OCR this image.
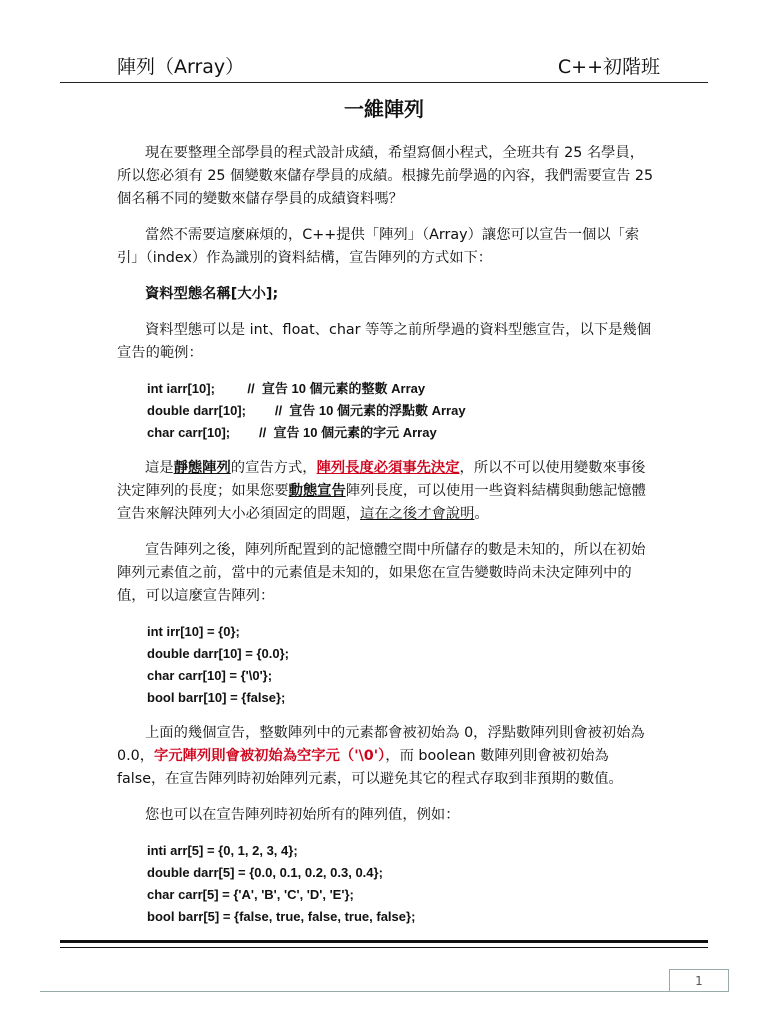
陣列（Array）	C++初階班
一維陣列

現在要整理全部學員的程式設計成績，希望寫個小程式，全班共有 25 名學員，所以您必須有 25 個變數來儲存學員的成績。根據先前學過的內容，我們需要宣告 25 個名稱不同的變數來儲存學員的成績資料嗎？

當然不需要這麼麻煩的，C++提供「陣列」（Array）讓您可以宣告一個以「索引」（index）作為識別的資料結構，宣告陣列的方式如下：

資料型態名稱[大小];

資料型態可以是 int、float、char 等等之前所學過的資料型態宣告，以下是幾個宣告的範例：

int iarr[10];         //  宣告 10 個元素的整數 Array
double darr[10];        //  宣告 10 個元素的浮點數 Array
char carr[10];        //  宣告 10 個元素的字元 Array

這是靜態陣列的宣告方式，陣列長度必須事先決定，所以不可以使用變數來事後決定陣列的長度；如果您要動態宣告陣列長度，可以使用一些資料結構與動態記憶體宣告來解決陣列大小必須固定的問題，這在之後才會說明。

宣告陣列之後，陣列所配置到的記憶體空間中所儲存的數是未知的，所以在初始陣列元素值之前，當中的元素值是未知的，如果您在宣告變數時尚未決定陣列中的值，可以這麼宣告陣列：

int irr[10] = {0};
double darr[10] = {0.0};
char carr[10] = {'\0'};
bool barr[10] = {false};

上面的幾個宣告，整數陣列中的元素都會被初始為 0，浮點數陣列則會被初始為 0.0，字元陣列則會被初始為空字元（'\0'），而 boolean 數陣列則會被初始為 false，在宣告陣列時初始陣列元素，可以避免其它的程式存取到非預期的數值。

您也可以在宣告陣列時初始所有的陣列值，例如：

inti arr[5] = {0, 1, 2, 3, 4};
double darr[5] = {0.0, 0.1, 0.2, 0.3, 0.4};
char carr[5] = {'A', 'B', 'C', 'D', 'E'};
bool barr[5] = {false, true, false, true, false};
1
